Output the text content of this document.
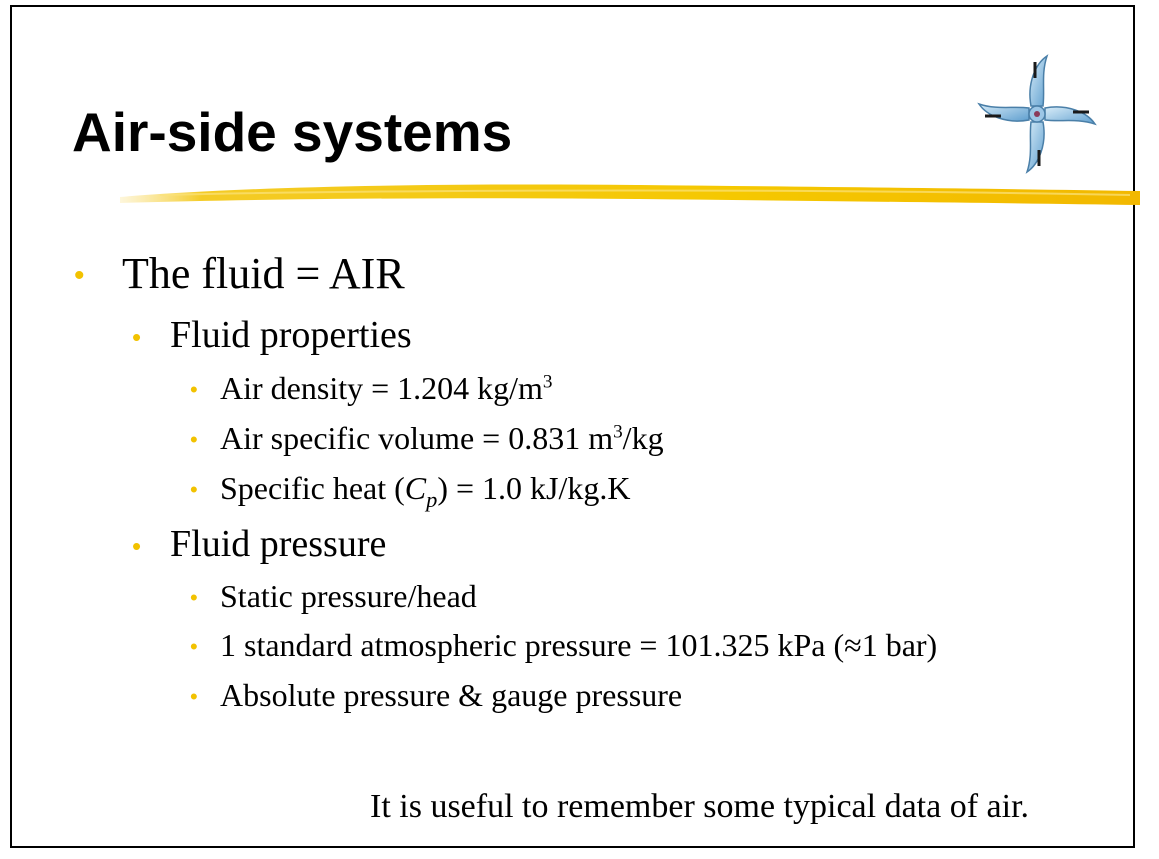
Air-side systems
• The fluid = AIR
• Fluid properties
• Air density = 1.204 $kg/m^3$
• Air specific volume = 0.831 $m^3/kg$
• Specific heat $(C_p) = 1.0$ kJ/kg.K
• Fluid pressure
• Static pressure/head
• 1 standard atmospheric pressure = 101.325 kPa (≈1 bar)
• Absolute pressure & gauge pressure
It is useful to remember some typical data of air.
